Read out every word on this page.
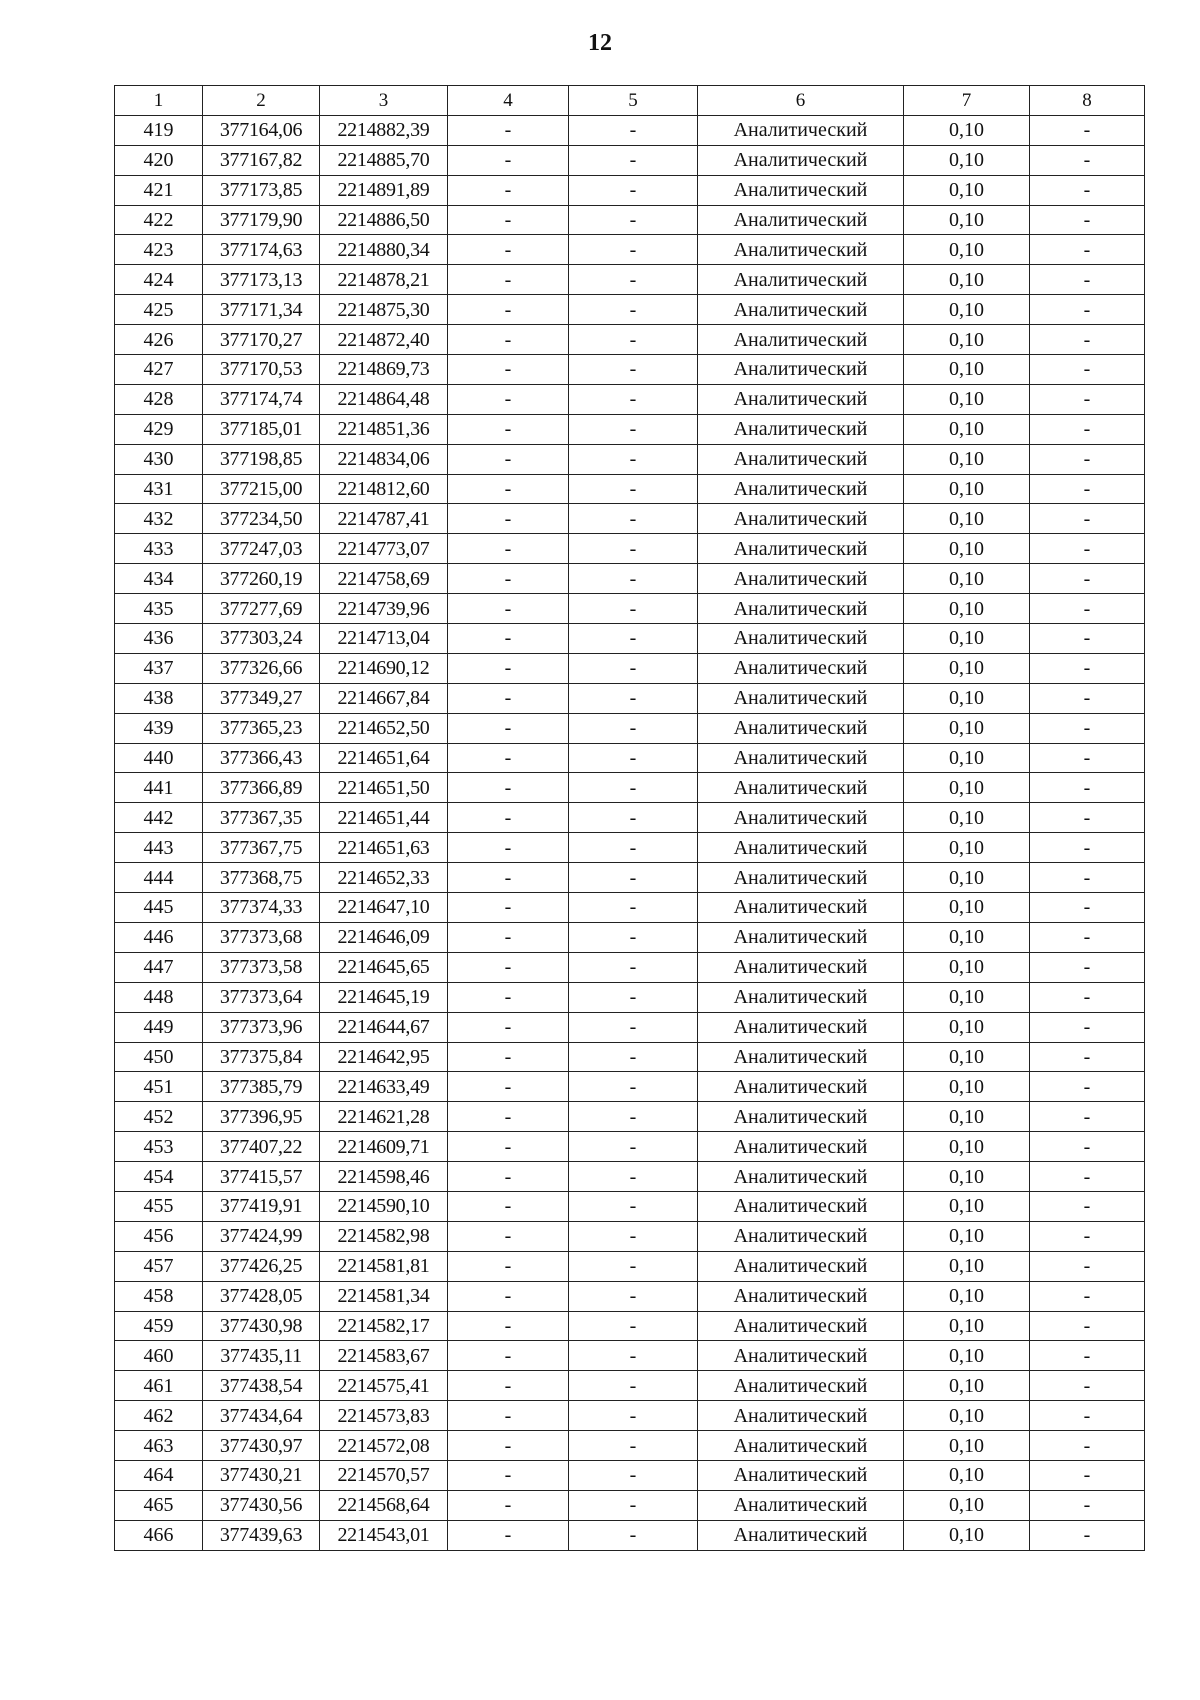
12
1	2	3	4	5	6	7	8
419	377164,06	2214882,39	-	-	Аналитический	0,10	-
420	377167,82	2214885,70	-	-	Аналитический	0,10	-
421	377173,85	2214891,89	-	-	Аналитический	0,10	-
422	377179,90	2214886,50	-	-	Аналитический	0,10	-
423	377174,63	2214880,34	-	-	Аналитический	0,10	-
424	377173,13	2214878,21	-	-	Аналитический	0,10	-
425	377171,34	2214875,30	-	-	Аналитический	0,10	-
426	377170,27	2214872,40	-	-	Аналитический	0,10	-
427	377170,53	2214869,73	-	-	Аналитический	0,10	-
428	377174,74	2214864,48	-	-	Аналитический	0,10	-
429	377185,01	2214851,36	-	-	Аналитический	0,10	-
430	377198,85	2214834,06	-	-	Аналитический	0,10	-
431	377215,00	2214812,60	-	-	Аналитический	0,10	-
432	377234,50	2214787,41	-	-	Аналитический	0,10	-
433	377247,03	2214773,07	-	-	Аналитический	0,10	-
434	377260,19	2214758,69	-	-	Аналитический	0,10	-
435	377277,69	2214739,96	-	-	Аналитический	0,10	-
436	377303,24	2214713,04	-	-	Аналитический	0,10	-
437	377326,66	2214690,12	-	-	Аналитический	0,10	-
438	377349,27	2214667,84	-	-	Аналитический	0,10	-
439	377365,23	2214652,50	-	-	Аналитический	0,10	-
440	377366,43	2214651,64	-	-	Аналитический	0,10	-
441	377366,89	2214651,50	-	-	Аналитический	0,10	-
442	377367,35	2214651,44	-	-	Аналитический	0,10	-
443	377367,75	2214651,63	-	-	Аналитический	0,10	-
444	377368,75	2214652,33	-	-	Аналитический	0,10	-
445	377374,33	2214647,10	-	-	Аналитический	0,10	-
446	377373,68	2214646,09	-	-	Аналитический	0,10	-
447	377373,58	2214645,65	-	-	Аналитический	0,10	-
448	377373,64	2214645,19	-	-	Аналитический	0,10	-
449	377373,96	2214644,67	-	-	Аналитический	0,10	-
450	377375,84	2214642,95	-	-	Аналитический	0,10	-
451	377385,79	2214633,49	-	-	Аналитический	0,10	-
452	377396,95	2214621,28	-	-	Аналитический	0,10	-
453	377407,22	2214609,71	-	-	Аналитический	0,10	-
454	377415,57	2214598,46	-	-	Аналитический	0,10	-
455	377419,91	2214590,10	-	-	Аналитический	0,10	-
456	377424,99	2214582,98	-	-	Аналитический	0,10	-
457	377426,25	2214581,81	-	-	Аналитический	0,10	-
458	377428,05	2214581,34	-	-	Аналитический	0,10	-
459	377430,98	2214582,17	-	-	Аналитический	0,10	-
460	377435,11	2214583,67	-	-	Аналитический	0,10	-
461	377438,54	2214575,41	-	-	Аналитический	0,10	-
462	377434,64	2214573,83	-	-	Аналитический	0,10	-
463	377430,97	2214572,08	-	-	Аналитический	0,10	-
464	377430,21	2214570,57	-	-	Аналитический	0,10	-
465	377430,56	2214568,64	-	-	Аналитический	0,10	-
466	377439,63	2214543,01	-	-	Аналитический	0,10	-
